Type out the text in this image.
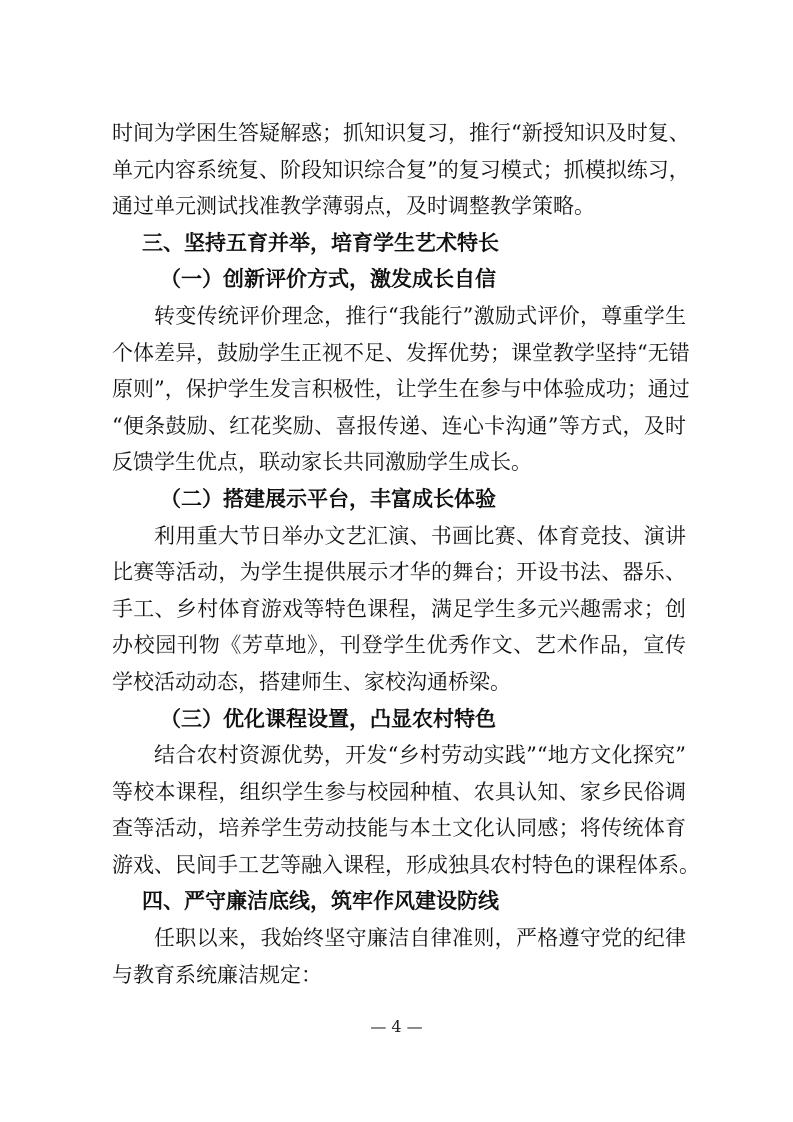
时间为学困生答疑解惑；抓知识复习，推行“新授知识及时复、
单元内容系统复、阶段知识综合复”的复习模式；抓模拟练习，
通过单元测试找准教学薄弱点，及时调整教学策略。
三、坚持五育并举，培育学生艺术特长
（一）创新评价方式，激发成长自信
转变传统评价理念，推行“我能行”激励式评价，尊重学生
个体差异，鼓励学生正视不足、发挥优势；课堂教学坚持“无错
原则”，保护学生发言积极性，让学生在参与中体验成功；通过
“便条鼓励、红花奖励、喜报传递、连心卡沟通”等方式，及时
反馈学生优点，联动家长共同激励学生成长。
（二）搭建展示平台，丰富成长体验
利用重大节日举办文艺汇演、书画比赛、体育竞技、演讲
比赛等活动，为学生提供展示才华的舞台；开设书法、器乐、
手工、乡村体育游戏等特色课程，满足学生多元兴趣需求；创
办校园刊物《芳草地》，刊登学生优秀作文、艺术作品，宣传
学校活动动态，搭建师生、家校沟通桥梁。
（三）优化课程设置，凸显农村特色
结合农村资源优势，开发“乡村劳动实践”“地方文化探究”
等校本课程，组织学生参与校园种植、农具认知、家乡民俗调
查等活动，培养学生劳动技能与本土文化认同感；将传统体育
游戏、民间手工艺等融入课程，形成独具农村特色的课程体系。
四、严守廉洁底线，筑牢作风建设防线
任职以来，我始终坚守廉洁自律准则，严格遵守党的纪律
与教育系统廉洁规定：
— 4 —
